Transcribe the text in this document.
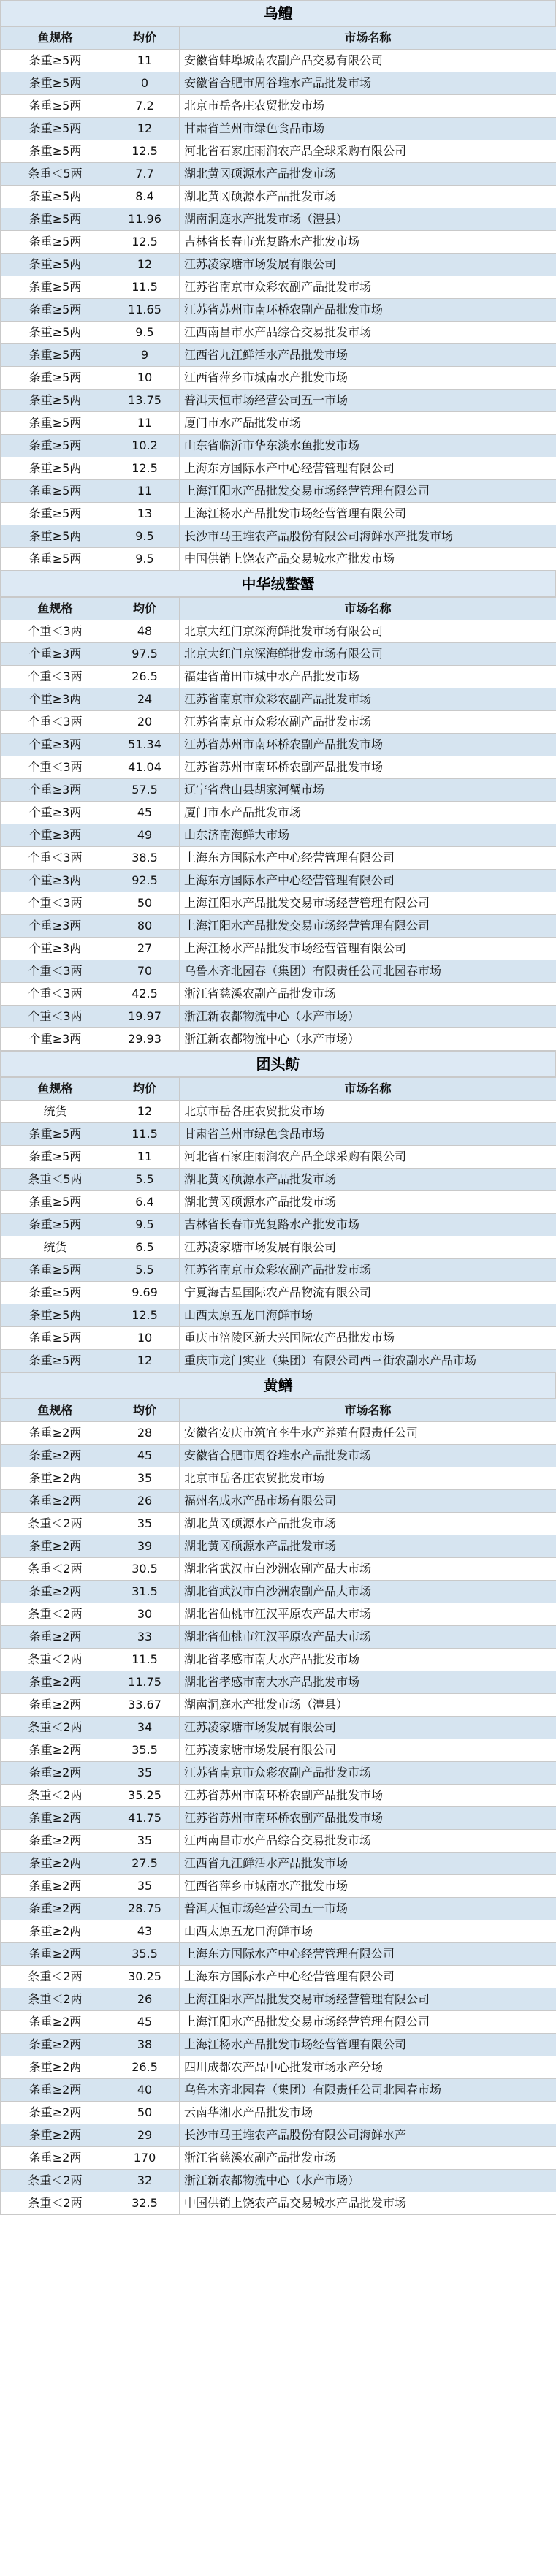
乌鳢
鱼规格	均价	市场名称
条重≥5两	11	安徽省蚌埠城南农副产品交易有限公司
条重≥5两	0	安徽省合肥市周谷堆水产品批发市场
条重≥5两	7.2	北京市岳各庄农贸批发市场
条重≥5两	12	甘肃省兰州市绿色食品市场
条重≥5两	12.5	河北省石家庄雨润农产品全球采购有限公司
条重＜5两	7.7	湖北黄冈硕源水产品批发市场
条重≥5两	8.4	湖北黄冈硕源水产品批发市场
条重≥5两	11.96	湖南洞庭水产批发市场（澧县）
条重≥5两	12.5	吉林省长春市光复路水产批发市场
条重≥5两	12	江苏凌家塘市场发展有限公司
条重≥5两	11.5	江苏省南京市众彩农副产品批发市场
条重≥5两	11.65	江苏省苏州市南环桥农副产品批发市场
条重≥5两	9.5	江西南昌市水产品综合交易批发市场
条重≥5两	9	江西省九江鲜活水产品批发市场
条重≥5两	10	江西省萍乡市城南水产批发市场
条重≥5两	13.75	普洱天恒市场经营公司五一市场
条重≥5两	11	厦门市水产品批发市场
条重≥5两	10.2	山东省临沂市华东淡水鱼批发市场
条重≥5两	12.5	上海东方国际水产中心经营管理有限公司
条重≥5两	11	上海江阳水产品批发交易市场经营管理有限公司
条重≥5两	13	上海江杨水产品批发市场经营管理有限公司
条重≥5两	9.5	长沙市马王堆农产品股份有限公司海鲜水产批发市场
条重≥5两	9.5	中国供销上饶农产品交易城水产批发市场
中华绒螯蟹
鱼规格	均价	市场名称
个重＜3两	48	北京大红门京深海鲜批发市场有限公司
个重≥3两	97.5	北京大红门京深海鲜批发市场有限公司
个重＜3两	26.5	福建省莆田市城中水产品批发市场
个重≥3两	24	江苏省南京市众彩农副产品批发市场
个重＜3两	20	江苏省南京市众彩农副产品批发市场
个重≥3两	51.34	江苏省苏州市南环桥农副产品批发市场
个重＜3两	41.04	江苏省苏州市南环桥农副产品批发市场
个重≥3两	57.5	辽宁省盘山县胡家河蟹市场
个重≥3两	45	厦门市水产品批发市场
个重≥3两	49	山东济南海鲜大市场
个重＜3两	38.5	上海东方国际水产中心经营管理有限公司
个重≥3两	92.5	上海东方国际水产中心经营管理有限公司
个重＜3两	50	上海江阳水产品批发交易市场经营管理有限公司
个重≥3两	80	上海江阳水产品批发交易市场经营管理有限公司
个重≥3两	27	上海江杨水产品批发市场经营管理有限公司
个重＜3两	70	乌鲁木齐北园春（集团）有限责任公司北园春市场
个重＜3两	42.5	浙江省慈溪农副产品批发市场
个重＜3两	19.97	浙江新农都物流中心（水产市场）
个重≥3两	29.93	浙江新农都物流中心（水产市场）
团头鲂
鱼规格	均价	市场名称
统货	12	北京市岳各庄农贸批发市场
条重≥5两	11.5	甘肃省兰州市绿色食品市场
条重≥5两	11	河北省石家庄雨润农产品全球采购有限公司
条重＜5两	5.5	湖北黄冈硕源水产品批发市场
条重≥5两	6.4	湖北黄冈硕源水产品批发市场
条重≥5两	9.5	吉林省长春市光复路水产批发市场
统货	6.5	江苏凌家塘市场发展有限公司
条重≥5两	5.5	江苏省南京市众彩农副产品批发市场
条重≥5两	9.69	宁夏海吉星国际农产品物流有限公司
条重≥5两	12.5	山西太原五龙口海鲜市场
条重≥5两	10	重庆市涪陵区新大兴国际农产品批发市场
条重≥5两	12	重庆市龙门实业（集团）有限公司西三街农副水产品市场
黄鳝
鱼规格	均价	市场名称
条重≥2两	28	安徽省安庆市筑宜李牛水产养殖有限责任公司
条重≥2两	45	安徽省合肥市周谷堆水产品批发市场
条重≥2两	35	北京市岳各庄农贸批发市场
条重≥2两	26	福州名成水产品市场有限公司
条重＜2两	35	湖北黄冈硕源水产品批发市场
条重≥2两	39	湖北黄冈硕源水产品批发市场
条重＜2两	30.5	湖北省武汉市白沙洲农副产品大市场
条重≥2两	31.5	湖北省武汉市白沙洲农副产品大市场
条重＜2两	30	湖北省仙桃市江汉平原农产品大市场
条重≥2两	33	湖北省仙桃市江汉平原农产品大市场
条重＜2两	11.5	湖北省孝感市南大水产品批发市场
条重≥2两	11.75	湖北省孝感市南大水产品批发市场
条重≥2两	33.67	湖南洞庭水产批发市场（澧县）
条重＜2两	34	江苏凌家塘市场发展有限公司
条重≥2两	35.5	江苏凌家塘市场发展有限公司
条重≥2两	35	江苏省南京市众彩农副产品批发市场
条重＜2两	35.25	江苏省苏州市南环桥农副产品批发市场
条重≥2两	41.75	江苏省苏州市南环桥农副产品批发市场
条重≥2两	35	江西南昌市水产品综合交易批发市场
条重≥2两	27.5	江西省九江鲜活水产品批发市场
条重≥2两	35	江西省萍乡市城南水产批发市场
条重≥2两	28.75	普洱天恒市场经营公司五一市场
条重≥2两	43	山西太原五龙口海鲜市场
条重≥2两	35.5	上海东方国际水产中心经营管理有限公司
条重＜2两	30.25	上海东方国际水产中心经营管理有限公司
条重＜2两	26	上海江阳水产品批发交易市场经营管理有限公司
条重≥2两	45	上海江阳水产品批发交易市场经营管理有限公司
条重≥2两	38	上海江杨水产品批发市场经营管理有限公司
条重≥2两	26.5	四川成都农产品中心批发市场水产分场
条重≥2两	40	乌鲁木齐北园春（集团）有限责任公司北园春市场
条重≥2两	50	云南华湘水产品批发市场
条重≥2两	29	长沙市马王堆农产品股份有限公司海鲜水产
条重≥2两	170	浙江省慈溪农副产品批发市场
条重＜2两	32	浙江新农都物流中心（水产市场）
条重＜2两	32.5	中国供销上饶农产品交易城水产品批发市场
